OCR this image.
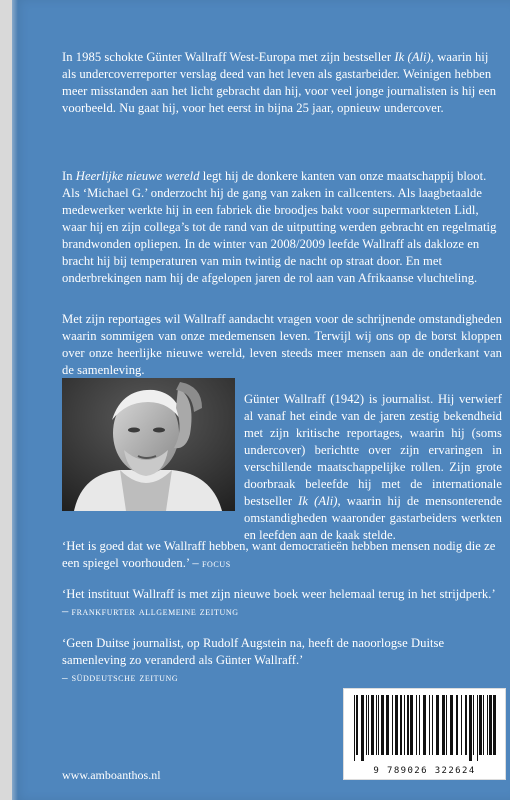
In 1985 schokte Günter Wallraff West-Europa met zijn bestseller Ik (Ali), waarin hij als undercoverreporter verslag deed van het leven als gastarbeider. Weinigen hebben meer misstanden aan het licht gebracht dan hij, voor veel jonge journalisten is hij een voorbeeld. Nu gaat hij, voor het eerst in bijna 25 jaar, opnieuw undercover.

In Heerlijke nieuwe wereld legt hij de donkere kanten van onze maatschappij bloot. Als ‘Michael G.’ onderzocht hij de gang van zaken in callcenters. Als laagbetaalde medewerker werkte hij in een fabriek die broodjes bakt voor supermarkteten Lidl, waar hij en zijn collega’s tot de rand van de uitputting werden gebracht en regelmatig brandwonden opliepen. In de winter van 2008/2009 leefde Wallraff als dakloze en bracht hij bij temperaturen van min twintig de nacht op straat door. En met onderbrekingen nam hij de afgelopen jaren de rol aan van Afrikaanse vluchteling.

Met zijn reportages wil Wallraff aandacht vragen voor de schrijnende omstandigheden waarin sommigen van onze medemensen leven. Terwijl wij ons op de borst kloppen over onze heerlijke nieuwe wereld, leven steeds meer mensen aan de onderkant van de samenleving.

Günter Wallraff (1942) is journalist. Hij verwierf al vanaf het einde van de jaren zestig bekendheid met zijn kritische reportages, waarin hij (soms undercover) berichtte over zijn ervaringen in verschillende maatschappelijke rollen. Zijn grote doorbraak beleefde hij met de internationale bestseller Ik (Ali), waarin hij de mensonterende omstandigheden waaronder gastarbeiders werkten en leefden aan de kaak stelde.

‘Het is goed dat we Wallraff hebben, want democratieën hebben mensen nodig die ze een spiegel voorhouden.’ – focus

‘Het instituut Wallraff is met zijn nieuwe boek weer helemaal terug in het strijdperk.’ – frankfurter allgemeine zeitung

‘Geen Duitse journalist, op Rudolf Augstein na, heeft de naoorlogse Duitse samenleving zo veranderd als Günter Wallraff.’
– süddeutsche zeitung

www.amboanthos.nl	9 789026 322624
